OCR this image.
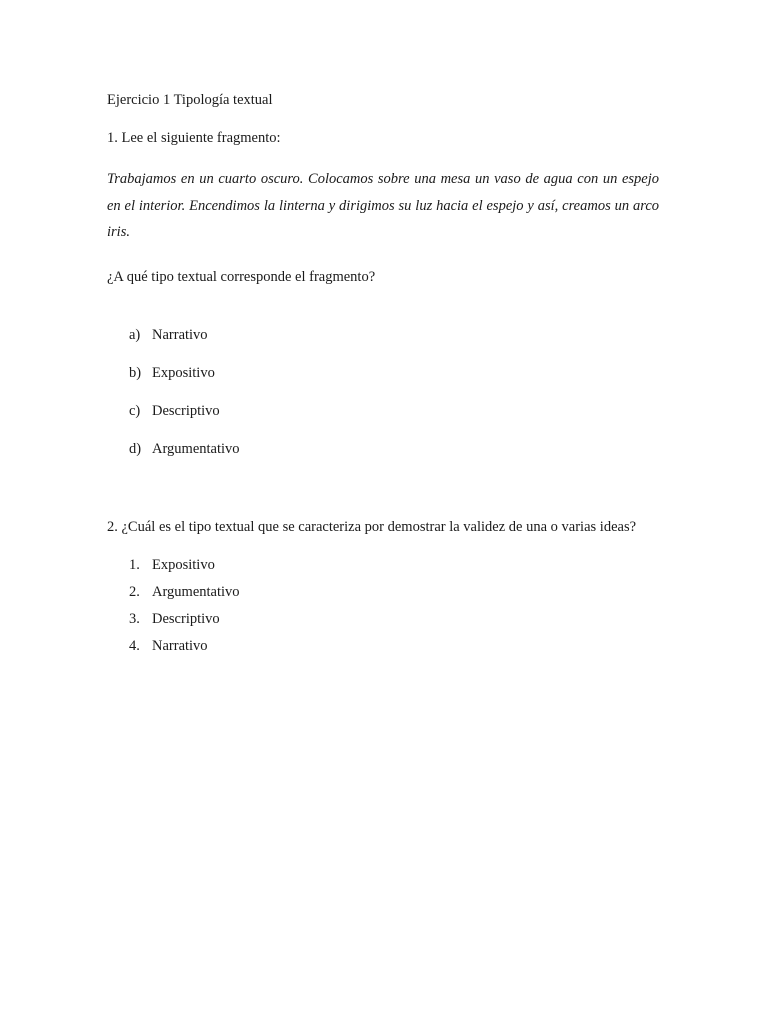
Ejercicio 1 Tipología textual
1. Lee el siguiente fragmento:
Trabajamos en un cuarto oscuro. Colocamos sobre una mesa un vaso de agua con un espejo en el interior. Encendimos la linterna y dirigimos su luz hacia el espejo y así, creamos un arco iris.
¿A qué tipo textual corresponde el fragmento?
a) Narrativo
b) Expositivo
c) Descriptivo
d) Argumentativo
2. ¿Cuál es el tipo textual que se caracteriza por demostrar la validez de una o varias ideas?
1. Expositivo
2. Argumentativo
3. Descriptivo
4. Narrativo
